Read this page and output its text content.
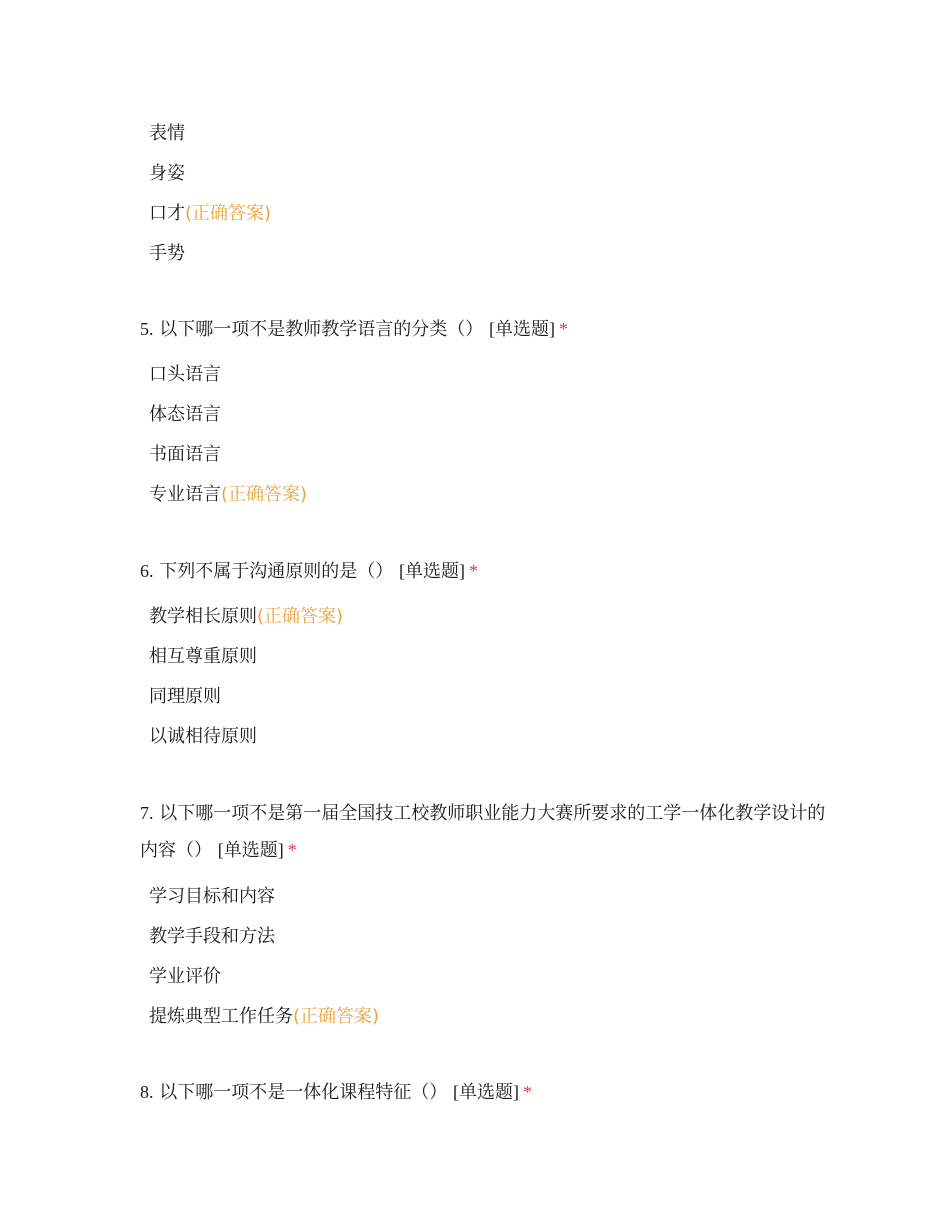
表情
身姿
口才(正确答案)
手势
5. 以下哪一项不是教师教学语言的分类（） [单选题] *
口头语言
体态语言
书面语言
专业语言(正确答案)
6. 下列不属于沟通原则的是（） [单选题] *
教学相长原则(正确答案)
相互尊重原则
同理原则
以诚相待原则
7. 以下哪一项不是第一届全国技工校教师职业能力大赛所要求的工学一体化教学设计的内容（） [单选题] *
学习目标和内容
教学手段和方法
学业评价
提炼典型工作任务(正确答案)
8. 以下哪一项不是一体化课程特征（） [单选题] *
